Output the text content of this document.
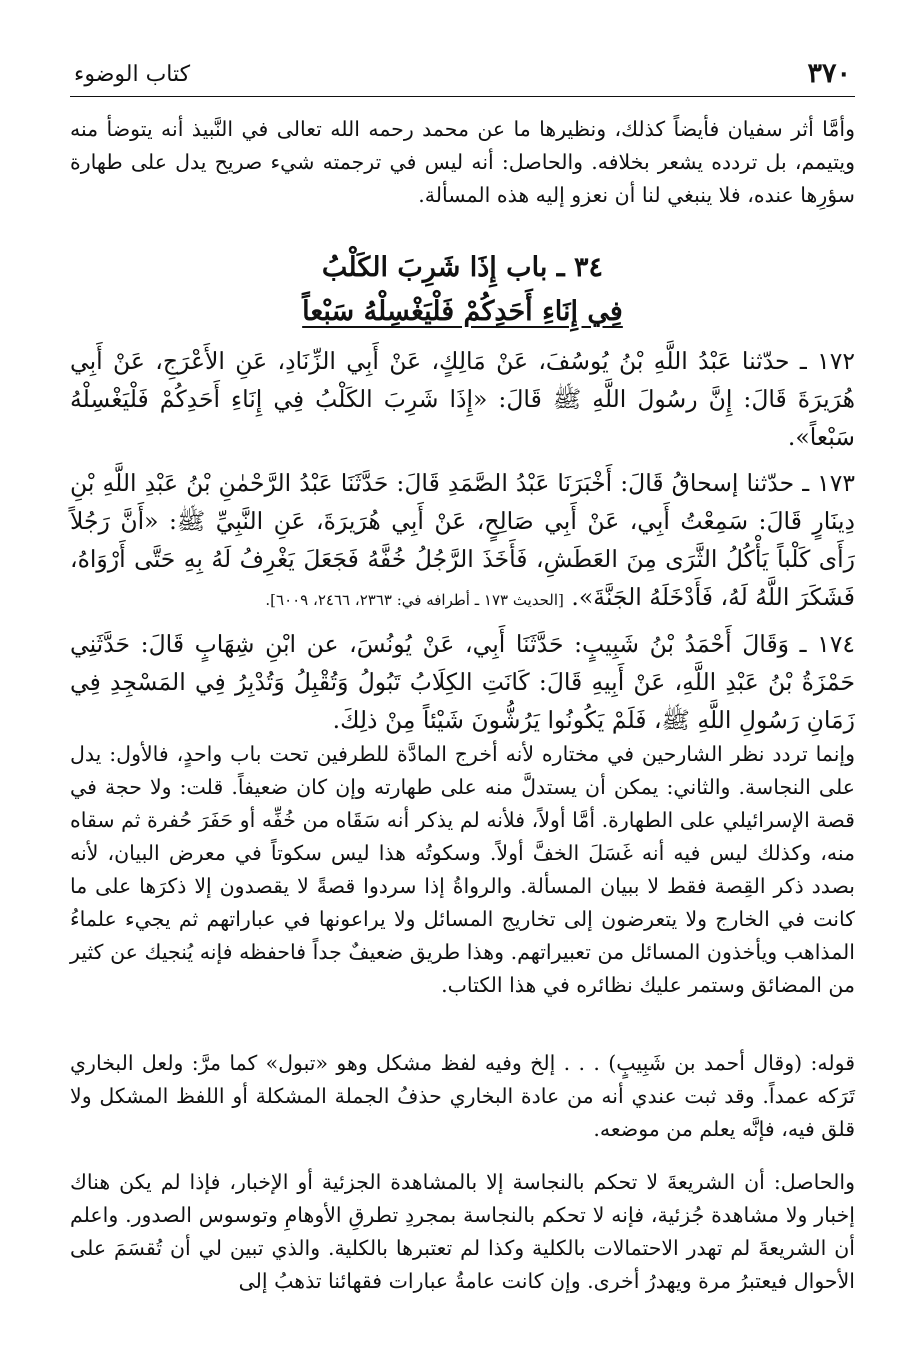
٣٧٠
كتاب الوضوء

وأمَّا أثر سفيان فأيضاً كذلك، ونظيرها ما عن محمد رحمه الله تعالى في النَّبيذ أنه يتوضأ منه ويتيمم، بل تردده يشعر بخلافه. والحاصل: أنه ليس في ترجمته شيء صريح يدل على طهارة سؤرِها عنده، فلا ينبغي لنا أن نعزو إليه هذه المسألة.

٣٤ ـ باب إِذَا شَرِبَ الكَلْبُ
فِي إِنَاءِ أَحَدِكُمْ فَلْيَغْسِلْهُ سَبْعاً

١٧٢ ـ حدّثنا عَبْدُ اللَّهِ بْنُ يُوسُفَ، عَنْ مَالِكٍ، عَنْ أَبِي الزِّنَادِ، عَنِ الأَعْرَجِ، عَنْ أَبِي هُرَيرَةَ قَالَ: إِنَّ رسُولَ اللَّهِ ﷺ قَالَ: «إِذَا شَرِبَ الكَلْبُ فِي إِنَاءِ أَحَدِكُمْ فَلْيَغْسِلْهُ سَبْعاً».

١٧٣ ـ حدّثنا إسحاقُ قَالَ: أَخْبَرَنَا عَبْدُ الصَّمَدِ قَالَ: حَدَّثَنَا عَبْدُ الرَّحْمٰنِ بْنُ عَبْدِ اللَّهِ بْنِ دِينَارٍ قَالَ: سَمِعْتُ أَبِي، عَنْ أَبِي صَالِحٍ، عَنْ أَبِي هُرَيرَةَ، عَنِ النَّبِيِّ ﷺ: «أَنَّ رَجُلاً رَأَى كَلْباً يَأْكُلُ الثَّرَى مِنَ العَطَشِ، فَأَخَذَ الرَّجُلُ خُفَّهُ فَجَعَلَ يَغْرِفُ لَهُ بِهِ حَتَّى أَرْوَاهُ، فَشَكَرَ اللَّهُ لَهُ، فَأَدْخَلَهُ الجَنَّةَ». [الحديث ١٧٣ ـ أطرافه في: ٢٣٦٣، ٢٤٦٦، ٦٠٠٩].

١٧٤ ـ وَقَالَ أَحْمَدُ بْنُ شَبِيبٍ: حَدَّثَنَا أَبِي، عَنْ يُونُسَ، عن ابْنِ شِهَابٍ قَالَ: حَدَّثَنِي حَمْزَةُ بْنُ عَبْدِ اللَّهِ، عَنْ أَبِيهِ قَالَ: كَانَتِ الكِلَابُ تَبُولُ وَتُقْبِلُ وَتُدْبِرُ فِي المَسْجِدِ فِي زَمَانِ رَسُولِ اللَّهِ ﷺ، فَلَمْ يَكُونُوا يَرُشُّونَ شَيْئاً مِنْ ذلِكَ.

وإنما تردد نظر الشارحين في مختاره لأنه أخرج المادَّة للطرفين تحت باب واحدٍ، فالأول: يدل على النجاسة. والثاني: يمكن أن يستدلَّ منه على طهارته وإن كان ضعيفاً. قلت: ولا حجة في قصة الإسرائيلي على الطهارة. أمَّا أولاً، فلأنه لم يذكر أنه سَقَاه من خُفِّه أو حَفَرَ حُفرة ثم سقاه منه، وكذلك ليس فيه أنه غَسَلَ الخفَّ أولاً. وسكوتُه هذا ليس سكوتاً في معرض البيان، لأنه بصدد ذكر القِصة فقط لا ببيان المسألة. والرواةُ إذا سردوا قصةً لا يقصدون إلا ذكرَها على ما كانت في الخارج ولا يتعرضون إلى تخاريج المسائل ولا يراعونها في عباراتهم ثم يجيء علماءُ المذاهب ويأخذون المسائل من تعبيراتهم. وهذا طريق ضعيفٌ جداً فاحفظه فإنه يُنجيك عن كثير من المضائق وستمر عليك نظائره في هذا الكتاب.

قوله: (وقال أحمد بن شَبِيبٍ) . . . إلخ وفيه لفظ مشكل وهو «تبول» كما مرَّ: ولعل البخاري تَرَكه عمداً. وقد ثبت عندي أنه من عادة البخاري حذفُ الجملة المشكلة أو اللفظ المشكل ولا قلق فيه، فإنَّه يعلم من موضعه.

والحاصل: أن الشريعةَ لا تحكم بالنجاسة إلا بالمشاهدة الجزئية أو الإخبار، فإذا لم يكن هناك إخبار ولا مشاهدة جُزئية، فإنه لا تحكم بالنجاسة بمجردِ تطرقِ الأوهامِ وتوسوس الصدور. واعلم أن الشريعةَ لم تهدر الاحتمالات بالكلية وكذا لم تعتبرها بالكلية. والذي تبين لي أن تُقسَمَ على الأحوال فيعتبرُ مرة ويهدرُ أخرى. وإن كانت عامةُ عبارات فقهائنا تذهبُ إلى
